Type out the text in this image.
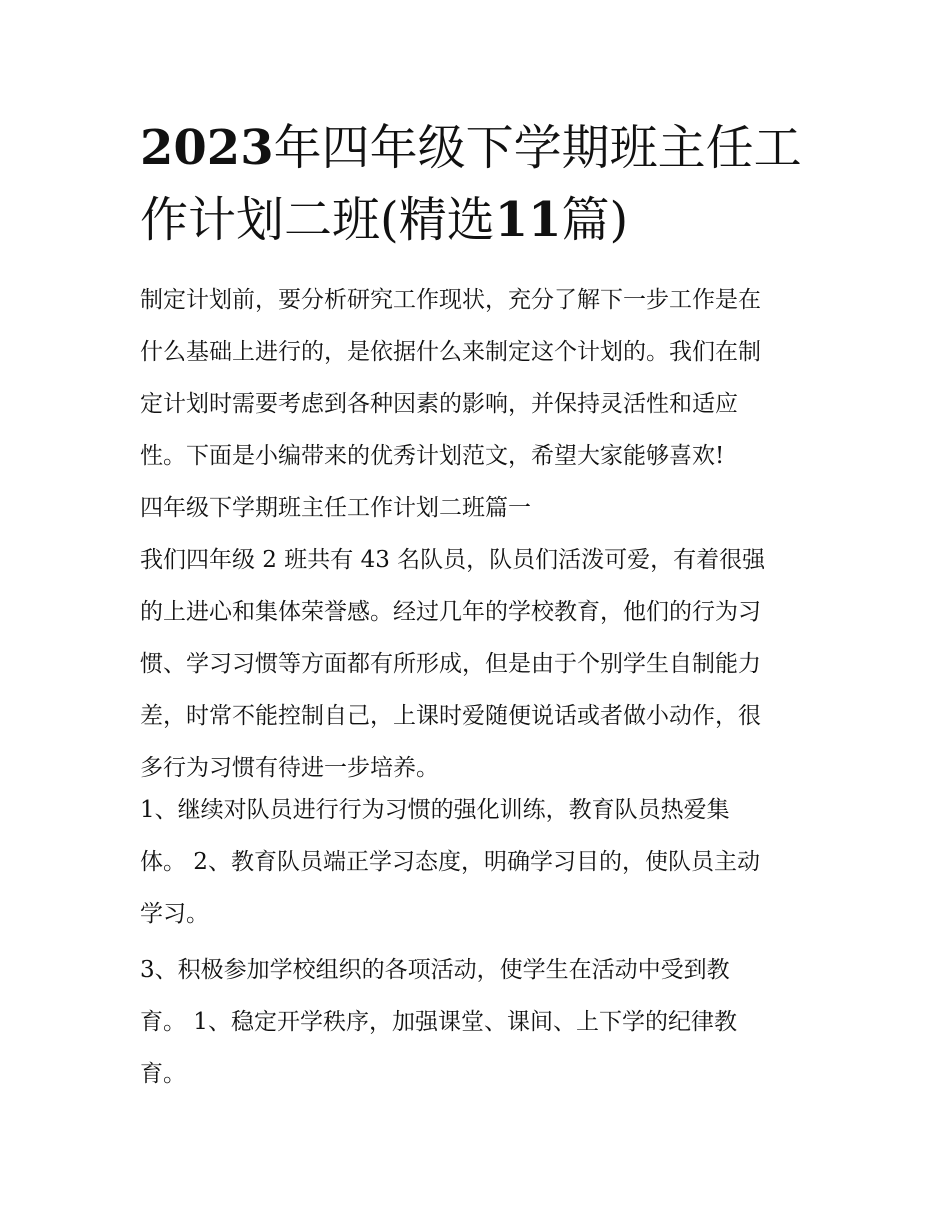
2023年四年级下学期班主任工
作计划二班(精选11篇)
制定计划前，要分析研究工作现状，充分了解下一步工作是在
什么基础上进行的，是依据什么来制定这个计划的。我们在制
定计划时需要考虑到各种因素的影响，并保持灵活性和适应
性。下面是小编带来的优秀计划范文，希望大家能够喜欢!
四年级下学期班主任工作计划二班篇一
我们四年级 2 班共有 43 名队员，队员们活泼可爱，有着很强
的上进心和集体荣誉感。经过几年的学校教育，他们的行为习
惯、学习习惯等方面都有所形成，但是由于个别学生自制能力
差，时常不能控制自己，上课时爱随便说话或者做小动作，很
多行为习惯有待进一步培养。
1、继续对队员进行行为习惯的强化训练，教育队员热爱集
体。 2、教育队员端正学习态度，明确学习目的，使队员主动
学习。
3、积极参加学校组织的各项活动，使学生在活动中受到教
育。 1、稳定开学秩序，加强课堂、课间、上下学的纪律教
育。
